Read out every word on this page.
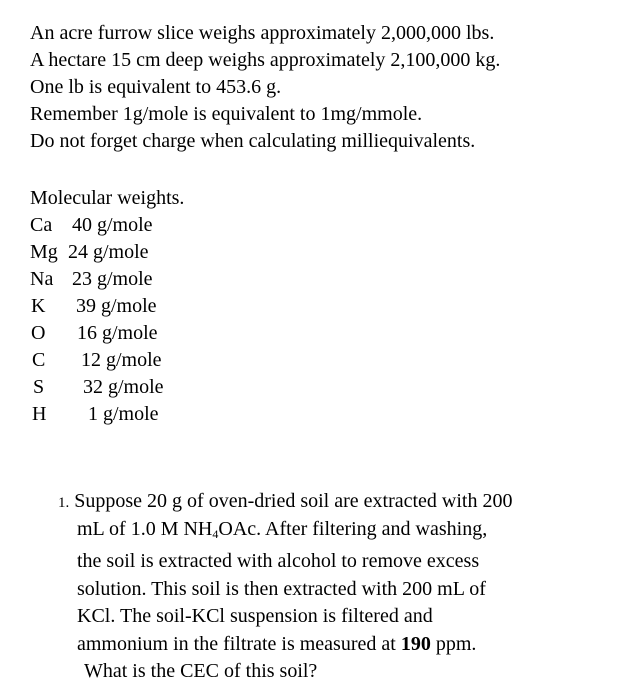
An acre furrow slice weighs approximately 2,000,000 lbs.
A hectare 15 cm deep weighs approximately 2,100,000 kg.
One lb is equivalent to 453.6 g.
Remember 1g/mole is equivalent to 1mg/mmole.
Do not forget charge when calculating milliequivalents.
Molecular weights.
Ca 40 g/mole
Mg 24 g/mole
Na 23 g/mole
K 39 g/mole
O 16 g/mole
C 12 g/mole
S 32 g/mole
H 1 g/mole
1. Suppose 20 g of oven-dried soil are extracted with 200
mL of 1.0 M $NH_4OAc$. After filtering and washing,
the soil is extracted with alcohol to remove excess
solution. This soil is then extracted with 200 mL of
KCl. The soil-KCl suspension is filtered and
ammonium in the filtrate is measured at 190 ppm.
What is the CEC of this soil?
